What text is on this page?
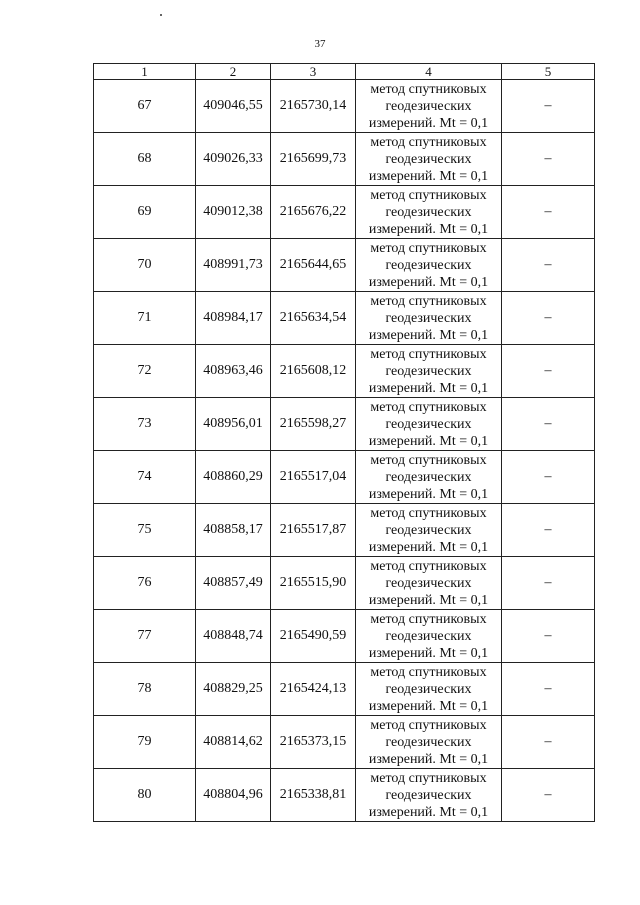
37
1	2	3	4	5
67	409046,55	2165730,14	метод спутниковых
геодезических
измерений. Mt = 0,1	–
68	409026,33	2165699,73	метод спутниковых
геодезических
измерений. Mt = 0,1	–
69	409012,38	2165676,22	метод спутниковых
геодезических
измерений. Mt = 0,1	–
70	408991,73	2165644,65	метод спутниковых
геодезических
измерений. Mt = 0,1	–
71	408984,17	2165634,54	метод спутниковых
геодезических
измерений. Mt = 0,1	–
72	408963,46	2165608,12	метод спутниковых
геодезических
измерений. Mt = 0,1	–
73	408956,01	2165598,27	метод спутниковых
геодезических
измерений. Mt = 0,1	–
74	408860,29	2165517,04	метод спутниковых
геодезических
измерений. Mt = 0,1	–
75	408858,17	2165517,87	метод спутниковых
геодезических
измерений. Mt = 0,1	–
76	408857,49	2165515,90	метод спутниковых
геодезических
измерений. Mt = 0,1	–
77	408848,74	2165490,59	метод спутниковых
геодезических
измерений. Mt = 0,1	–
78	408829,25	2165424,13	метод спутниковых
геодезических
измерений. Mt = 0,1	–
79	408814,62	2165373,15	метод спутниковых
геодезических
измерений. Mt = 0,1	–
80	408804,96	2165338,81	метод спутниковых
геодезических
измерений. Mt = 0,1	–
